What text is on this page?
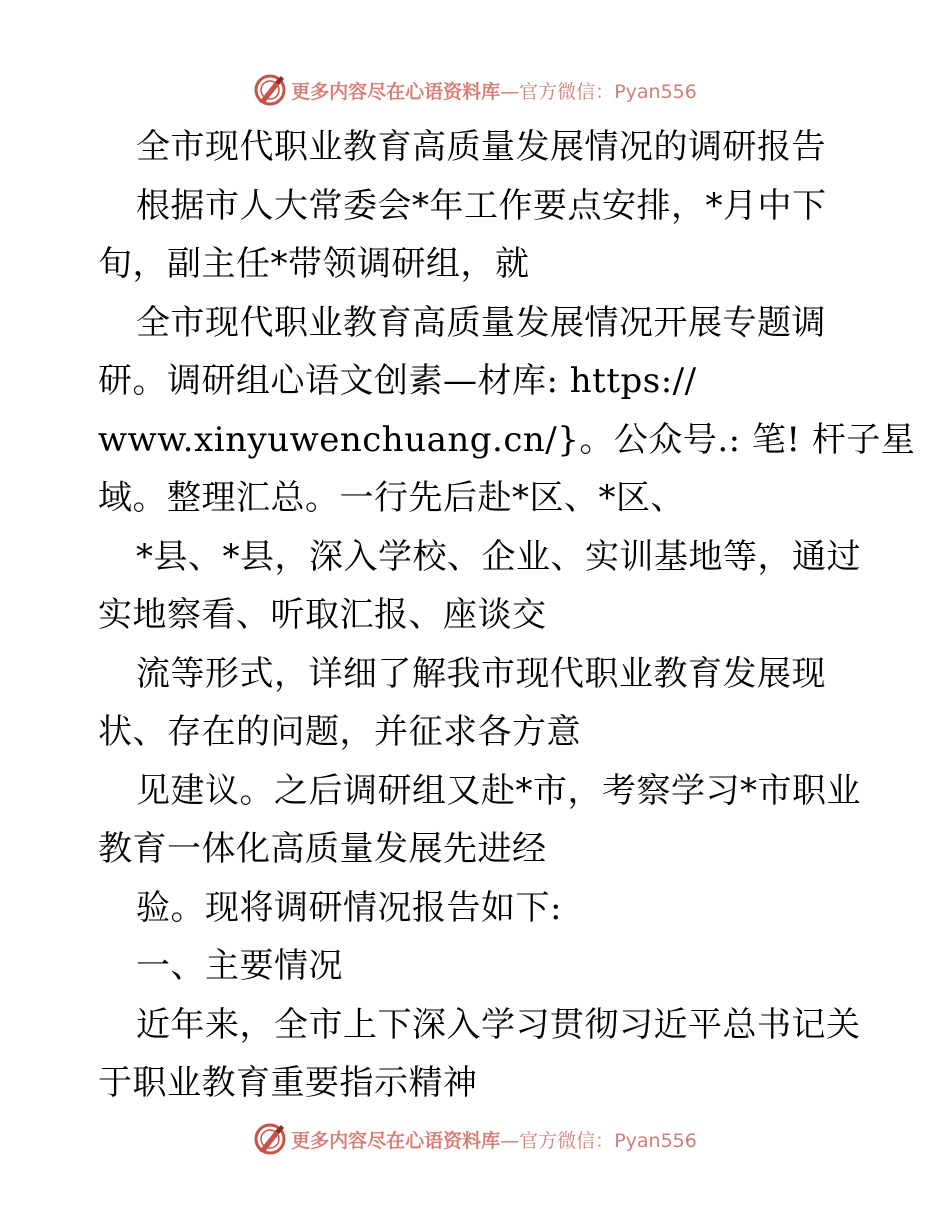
更多内容尽在心语资料库—官方微信：Pyan556
全市现代职业教育高质量发展情况的调研报告
根据市人大常委会*年工作要点安排，*月中下
旬，副主任*带领调研组，就
全市现代职业教育高质量发展情况开展专题调
研。调研组心语文创素—材库: https://
www.xinyuwenchuang.cn/}。公众号.: 笔! 杆子星
域。整理汇总。一行先后赴*区、*区、
*县、*县，深入学校、企业、实训基地等，通过
实地察看、听取汇报、座谈交
流等形式，详细了解我市现代职业教育发展现
状、存在的问题，并征求各方意
见建议。之后调研组又赴*市，考察学习*市职业
教育一体化高质量发展先进经
验。现将调研情况报告如下:
一、主要情况
近年来，全市上下深入学习贯彻习近平总书记关
于职业教育重要指示精神
更多内容尽在心语资料库—官方微信：Pyan556
